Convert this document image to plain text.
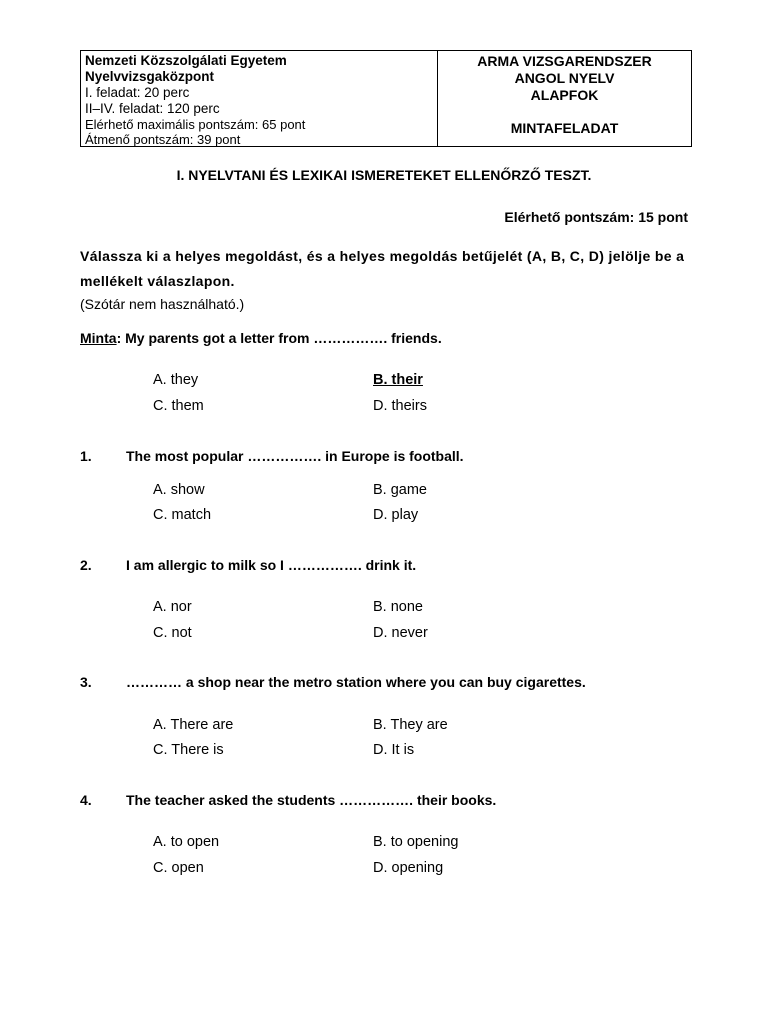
Nemzeti Közszolgálati Egyetem
Nyelvvizsgaközpont
I. feladat: 20 perc
II–IV. feladat: 120 perc
Elérhető maximális pontszám: 65 pont
Átmenő pontszám: 39 pont
ARMA VIZSGARENDSZER
ANGOL NYELV
ALAPFOK
MINTAFELADAT
I. NYELVTANI ÉS LEXIKAI ISMERETEKET ELLENŐRZŐ TESZT.
Elérhető pontszám: 15 pont
Válassza ki a helyes megoldást, és a helyes megoldás betűjelét (A, B, C, D) jelölje be a mellékelt válaszlapon.
(Szótár nem használható.)
Minta: My parents got a letter from ……………. friends.
A. they	B. their
C. them	D. theirs
1. The most popular ……………. in Europe is football.
A. show	B. game
C. match	D. play
2. I am allergic to milk so I ……………. drink it.
A. nor	B. none
C. not	D. never
3. ………… a shop near the metro station where you can buy cigarettes.
A. There are	B. They are
C. There is	D. It is
4. The teacher asked the students ……………. their books.
A. to open	B. to opening
C. open	D. opening
